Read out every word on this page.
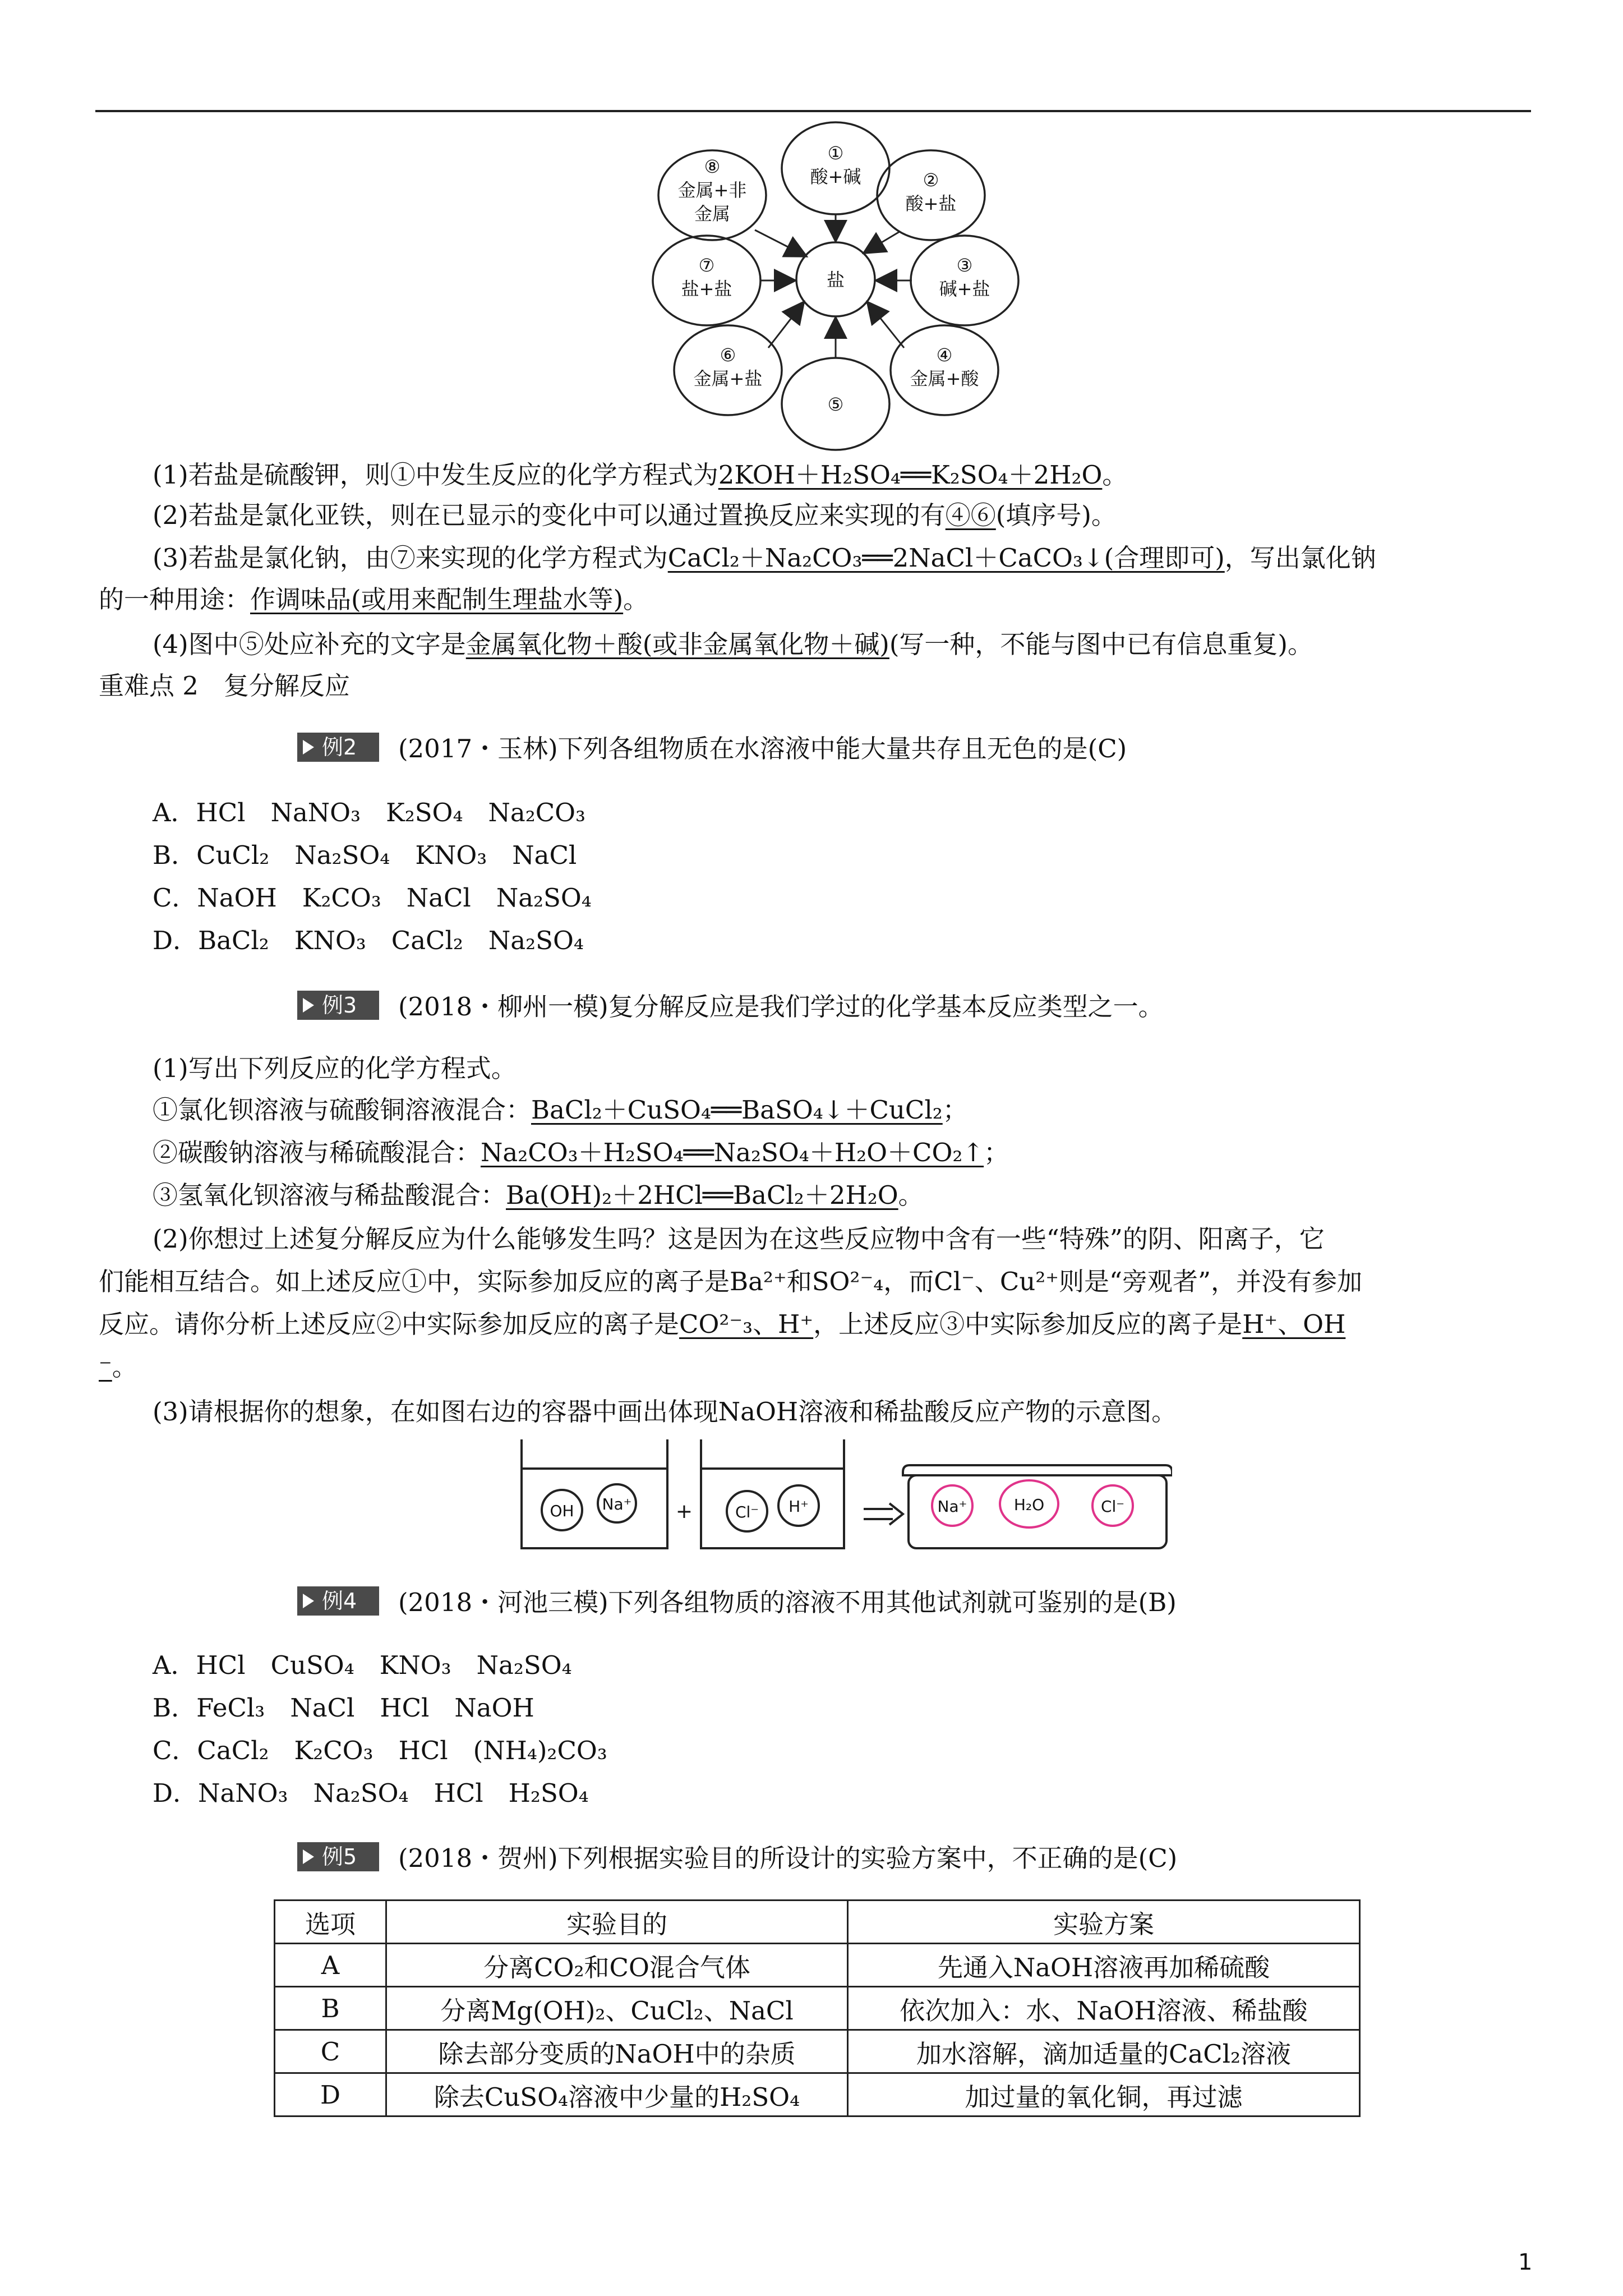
盐
①
酸+碱	②
酸+盐
③
碱+盐
④
金属+酸
⑤
⑥
金属+盐
⑦
盐+盐
⑧
金属+非
金属
(1)若盐是硫酸钾，则①中发生反应的化学方程式为2KOH＋H₂SO₄══K₂SO₄＋2H₂O。
(2)若盐是氯化亚铁，则在已显示的变化中可以通过置换反应来实现的有④⑥(填序号)。
(3)若盐是氯化钠，由⑦来实现的化学方程式为CaCl₂＋Na₂CO₃══2NaCl＋CaCO₃↓(合理即可)，写出氯化钠
的一种用途：作调味品(或用来配制生理盐水等)。
(4)图中⑤处应补充的文字是金属氧化物＋酸(或非金属氧化物＋碱)(写一种，不能与图中已有信息重复)。
重难点 2　复分解反应
例2 (2017・玉林)下列各组物质在水溶液中能大量共存且无色的是(C)
A．HCl　NaNO₃　K₂SO₄　Na₂CO₃
B．CuCl₂　Na₂SO₄　KNO₃　NaCl
C．NaOH　K₂CO₃　NaCl　Na₂SO₄
D．BaCl₂　KNO₃　CaCl₂　Na₂SO₄
例3 (2018・柳州一模)复分解反应是我们学过的化学基本反应类型之一。
(1)写出下列反应的化学方程式。
①氯化钡溶液与硫酸铜溶液混合：BaCl₂＋CuSO₄══BaSO₄↓＋CuCl₂；
②碳酸钠溶液与稀硫酸混合：Na₂CO₃＋H₂SO₄══Na₂SO₄＋H₂O＋CO₂↑；
③氢氧化钡溶液与稀盐酸混合：Ba(OH)₂＋2HCl══BaCl₂＋2H₂O。
(2)你想过上述复分解反应为什么能够发生吗？这是因为在这些反应物中含有一些“特殊”的阴、阳离子，它
们能相互结合。如上述反应①中，实际参加反应的离子是Ba²⁺和SO²⁻₄，而Cl⁻、Cu²⁺则是“旁观者”，并没有参加
反应。请你分析上述反应②中实际参加反应的离子是CO²⁻₃、H⁺，上述反应③中实际参加反应的离子是H⁺、OH
⁻。
(3)请根据你的想象，在如图右边的容器中画出体现NaOH溶液和稀盐酸反应产物的示意图。
OH Na⁺ +	Cl⁻ H⁺	Na⁺	H₂O	Cl⁻
例4 (2018・河池三模)下列各组物质的溶液不用其他试剂就可鉴别的是(B)
A．HCl　CuSO₄　KNO₃　Na₂SO₄
B．FeCl₃　NaCl　HCl　NaOH
C．CaCl₂　K₂CO₃　HCl　(NH₄)₂CO₃
D．NaNO₃　Na₂SO₄　HCl　H₂SO₄
例5 (2018・贺州)下列根据实验目的所设计的实验方案中，不正确的是(C)
选项	实验目的	实验方案
A	分离CO₂和CO混合气体	先通入NaOH溶液再加稀硫酸
B	分离Mg(OH)₂、CuCl₂、NaCl	依次加入：水、NaOH溶液、稀盐酸
C	除去部分变质的NaOH中的杂质	加水溶解，滴加适量的CaCl₂溶液
D	除去CuSO₄溶液中少量的H₂SO₄	加过量的氧化铜，再过滤
1
